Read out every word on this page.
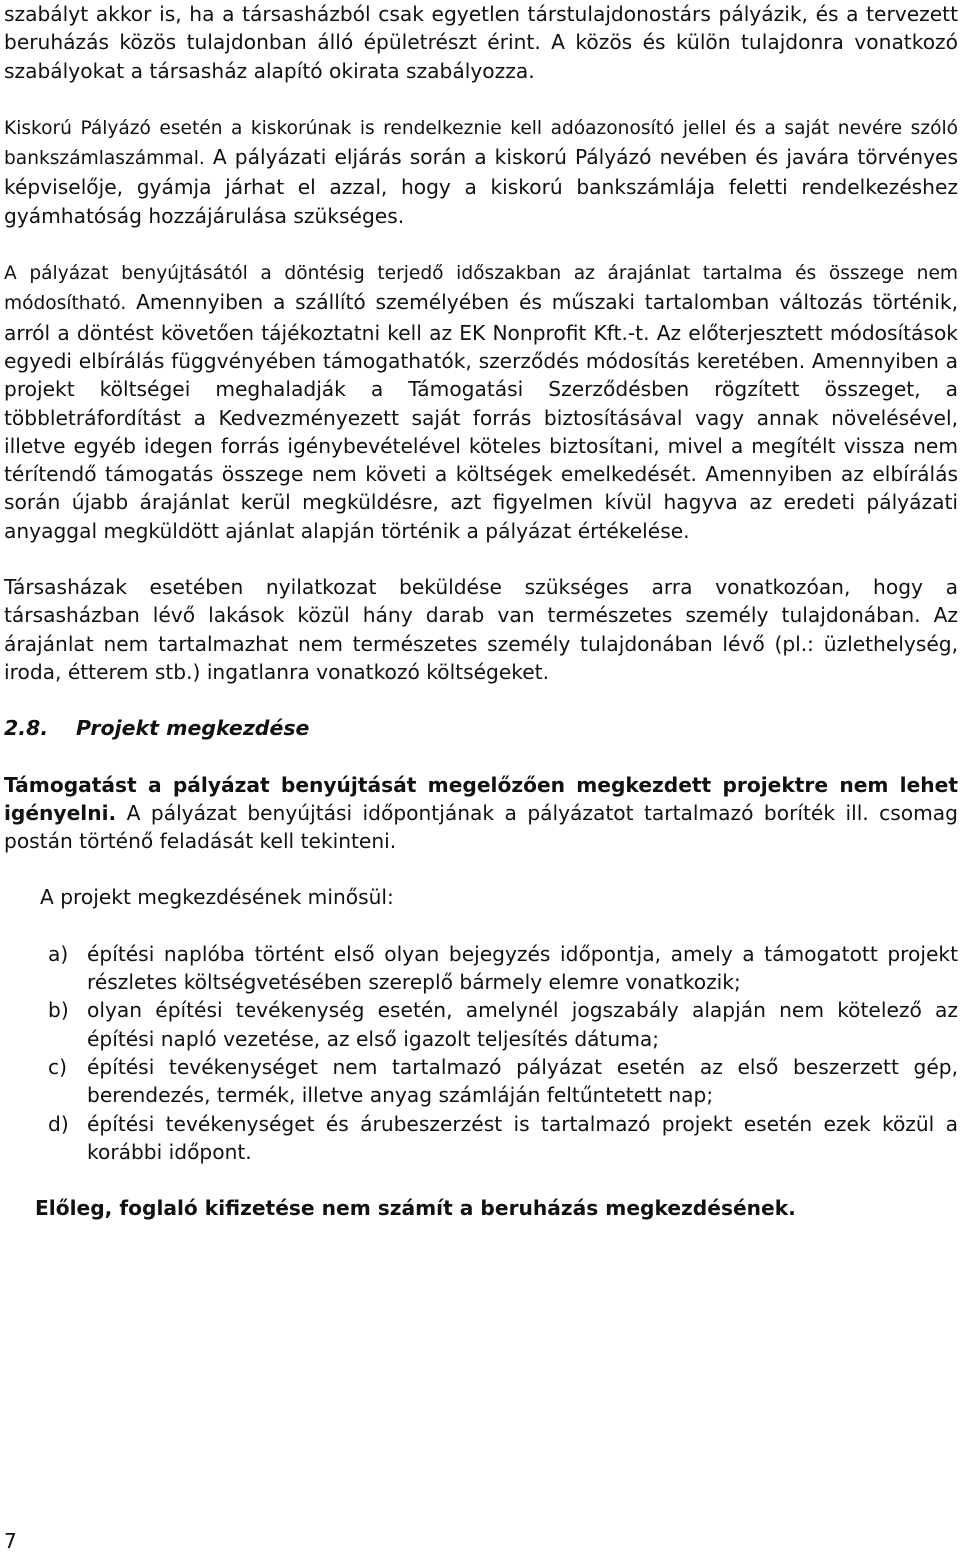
szabályt akkor is, ha a társasházból csak egyetlen társtulajdonostárs pályázik, és a tervezett beruházás közös tulajdonban álló épületrészt érint. A közös és külön tulajdonra vonatkozó szabályokat a társasház alapító okirata szabályozza.

Kiskorú Pályázó esetén a kiskorúnak is rendelkeznie kell adóazonosító jellel és a saját nevére szóló bankszámlaszámmal. A pályázati eljárás során a kiskorú Pályázó nevében és javára törvényes képviselője, gyámja járhat el azzal, hogy a kiskorú bankszámlája feletti rendelkezéshez gyámhatóság hozzájárulása szükséges.

A pályázat benyújtásától a döntésig terjedő időszakban az árajánlat tartalma és összege nem módosítható. Amennyiben a szállító személyében és műszaki tartalomban változás történik, arról a döntést követően tájékoztatni kell az EK Nonprofit Kft.-t. Az előterjesztett módosítások egyedi elbírálás függvényében támogathatók, szerződés módosítás keretében. Amennyiben a projekt költségei meghaladják a Támogatási Szerződésben rögzített összeget, a többletráfordítást a Kedvezményezett saját forrás biztosításával vagy annak növelésével, illetve egyéb idegen forrás igénybevételével köteles biztosítani, mivel a megítélt vissza nem térítendő támogatás összege nem követi a költségek emelkedését. Amennyiben az elbírálás során újabb árajánlat kerül megküldésre, azt figyelmen kívül hagyva az eredeti pályázati anyaggal megküldött ajánlat alapján történik a pályázat értékelése.

Társasházak esetében nyilatkozat beküldése szükséges arra vonatkozóan, hogy a társasházban lévő lakások közül hány darab van természetes személy tulajdonában. Az árajánlat nem tartalmazhat nem természetes személy tulajdonában lévő (pl.: üzlethelység, iroda, étterem stb.) ingatlanra vonatkozó költségeket.

2.8. Projekt megkezdése

Támogatást a pályázat benyújtását megelőzően megkezdett projektre nem lehet igényelni. A pályázat benyújtási időpontjának a pályázatot tartalmazó boríték ill. csomag postán történő feladását kell tekinteni.

A projekt megkezdésének minősül:

a) építési naplóba történt első olyan bejegyzés időpontja, amely a támogatott projekt részletes költségvetésében szereplő bármely elemre vonatkozik;
b) olyan építési tevékenység esetén, amelynél jogszabály alapján nem kötelező az építési napló vezetése, az első igazolt teljesítés dátuma;
c) építési tevékenységet nem tartalmazó pályázat esetén az első beszerzett gép, berendezés, termék, illetve anyag számláján feltűntetett nap;
d) építési tevékenységet és árubeszerzést is tartalmazó projekt esetén ezek közül a korábbi időpont.

Előleg, foglaló kifizetése nem számít a beruházás megkezdésének.

7
